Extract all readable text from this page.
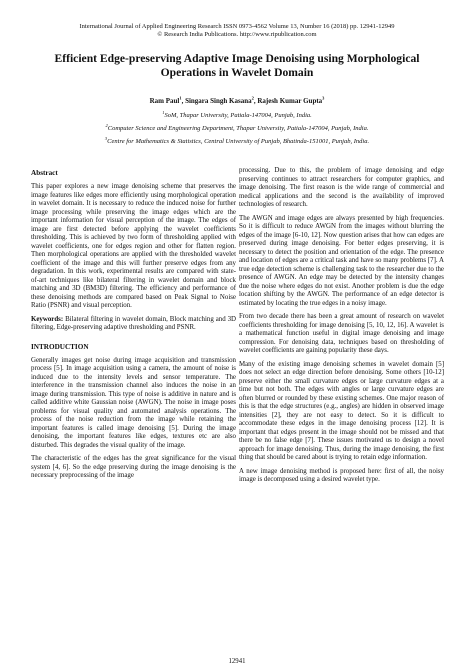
International Journal of Applied Engineering Research ISSN 0973-4562 Volume 13, Number 16 (2018) pp. 12941-12949
© Research India Publications. http://www.ripublication.com
Efficient Edge-preserving Adaptive Image Denoising using Morphological
Operations in Wavelet Domain
Ram Paul$^1$, Singara Singh Kasana$^2$, Rajesh Kumar Gupta$^3$
$^1$SoM, Thapar University, Patiala-147004, Punjab, India.
$^2$Computer Science and Engineering Department, Thapar University, Patiala-147004, Punjab, India.
$^3$Centre for Mathematics & Statistics, Central University of Punjab, Bhatinda-151001, Punjab, India.
Abstract

This paper explores a new image denoising scheme that preserves the image features like edges more efficiently using morphological operation in wavelet domain. It is necessary to reduce the induced noise for further image processing while preserving the image edges which are the important information for visual perception of the image. The edges of image are first detected before applying the wavelet coefficients thresholding. This is achieved by two form of thresholding applied with wavelet coefficients, one for edges region and other for flatten region. Then morphological operations are applied with the thresholded wavelet coefficient of the image and this will further preserve edges from any degradation. In this work, experimental results are compared with state-of-art techniques like bilateral filtering in wavelet domain and block matching and 3D (BM3D) filtering. The efficiency and performance of these denoising methods are compared based on Peak Signal to Noise Ratio (PSNR) and visual perception.

Keywords: Bilateral filtering in wavelet domain, Block matching and 3D filtering, Edge-preserving adaptive thresholding and PSNR.

INTRODUCTION

Generally images get noise during image acquisition and transmission process [5]. In image acquisition using a camera, the amount of noise is induced due to the intensity levels and sensor temperature. The interference in the transmission channel also induces the noise in an image during transmission. This type of noise is additive in nature and is called additive white Gaussian noise (AWGN). The noise in image poses problems for visual quality and automated analysis operations. The process of the noise reduction from the image while retaining the important features is called image denoising [5]. During the image denoising, the important features like edges, textures etc are also disturbed. This degrades the visual quality of the image.

The characteristic of the edges has the great significance for the visual system [4, 6]. So the edge preserving during the image denoising is the necessary preprocessing of the image

processing. Due to this, the problem of image denoising and edge preserving continues to attract researchers for computer graphics, and image denoising. The first reason is the wide range of commercial and medical applications and the second is the availability of improved technologies of research.

The AWGN and image edges are always presented by high frequencies. So it is difficult to reduce AWGN from the images without blurring the edges of the image [6-10, 12]. Now question arises that how can edges are preserved during image denoising. For better edges preserving, it is necessary to detect the position and orientation of the edge. The presence and location of edges are a critical task and have so many problems [7]. A true edge detection scheme is challenging task to the researcher due to the presence of AWGN. An edge may be detected by the intensity changes due the noise where edges do not exist. Another problem is due the edge location shifting by the AWGN. The performance of an edge detector is estimated by locating the true edges in a noisy image.

From two decade there has been a great amount of research on wavelet coefficients thresholding for image denoising [5, 10, 12, 16]. A wavelet is a mathematical function useful in digital image denoising and image compression. For denoising data, techniques based on thresholding of wavelet coefficients are gaining popularity these days.

Many of the existing image denoising schemes in wavelet domain [5] does not select an edge direction before denoising. Some others [10-12] preserve either the small curvature edges or large curvature edges at a time but not both. The edges with angles or large curvature edges are often blurred or rounded by these existing schemes. One major reason of this is that the edge structures (e.g., angles) are hidden in observed image intensities [2], they are not easy to detect. So it is difficult to accommodate these edges in the image denoising process [12]. It is important that edges present in the image should not be missed and that there be no false edge [7]. These issues motivated us to design a novel approach for image denoising. Thus, during the image denoising, the first thing that should be cared about is trying to retain edge information.

A new image denoising method is proposed here: first of all, the noisy image is decomposed using a desired wavelet type.

12941
